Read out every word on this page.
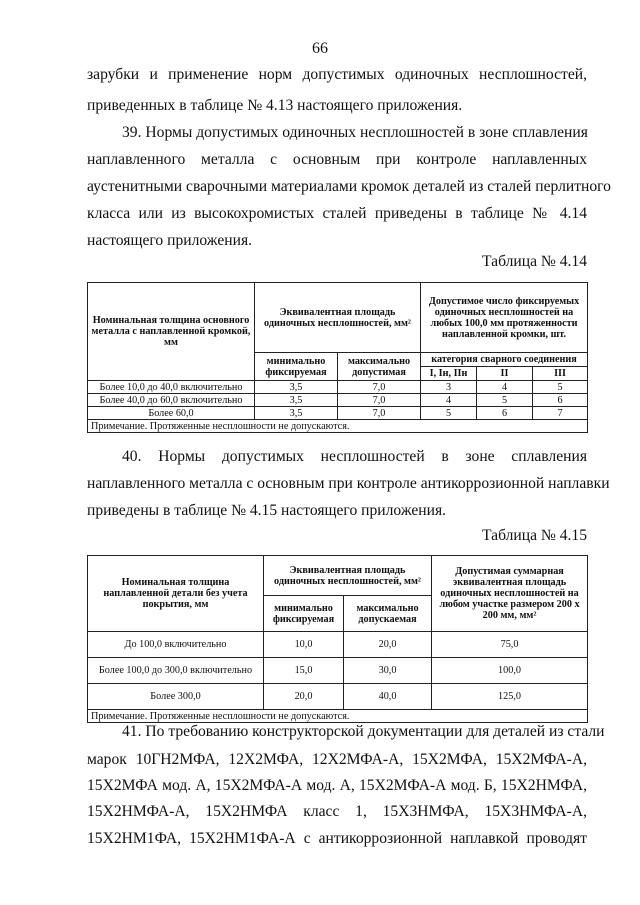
66
зарубки и применение норм допустимых одиночных несплошностей,
приведенных в таблице № 4.13 настоящего приложения.
39. Нормы допустимых одиночных несплошностей в зоне сплавления
наплавленного металла с основным при контроле наплавленных
аустенитными сварочными материалами кромок деталей из сталей перлитного
класса или из высокохромистых сталей приведены в таблице № 4.14
настоящего приложения.
Таблица № 4.14
Номинальная толщина основного металла с наплавленной кромкой, мм	Эквивалентная площадь одиночных несплошностей, мм²		Допустимое число фиксируемых одиночных несплошностей на любых 100,0 мм протяженности наплавленной кромки, шт.		
	минимально фиксируемая	максимально допустимая	категория сварного соединения		
			I, Iн, IIн	II	III
Более 10,0 до 40,0 включительно	3,5	7,0	3	4	5
Более 40,0 до 60,0 включительно	3,5	7,0	4	5	6
Более 60,0	3,5	7,0	5	6	7
Примечание. Протяженные несплошности не допускаются.					
40. Нормы допустимых несплошностей в зоне сплавления
наплавленного металла с основным при контроле антикоррозионной наплавки
приведены в таблице № 4.15 настоящего приложения.
Таблица № 4.15
Номинальная толщина наплавленной детали без учета покрытия, мм	Эквивалентная площадь одиночных несплошностей, мм²		Допустимая суммарная эквивалентная площадь одиночных несплошностей на любом участке размером 200 x 200 мм, мм²
	минимально фиксируемая	максимально допускаемая	
До 100,0 включительно	10,0	20,0	75,0
Более 100,0 до 300,0 включительно	15,0	30,0	100,0
Более 300,0	20,0	40,0	125,0
Примечание. Протяженные несплошности не допускаются.			
41. По требованию конструкторской документации для деталей из стали
марок 10ГН2МФА, 12Х2МФА, 12Х2МФА-А, 15Х2МФА, 15Х2МФА-А,
15Х2МФА мод. А, 15Х2МФА-А мод. А, 15Х2МФА-А мод. Б, 15Х2НМФА,
15Х2НМФА-А, 15Х2НМФА класс 1, 15Х3НМФА, 15Х3НМФА-А,
15Х2НМ1ФА, 15Х2НМ1ФА-А с антикоррозионной наплавкой проводят
